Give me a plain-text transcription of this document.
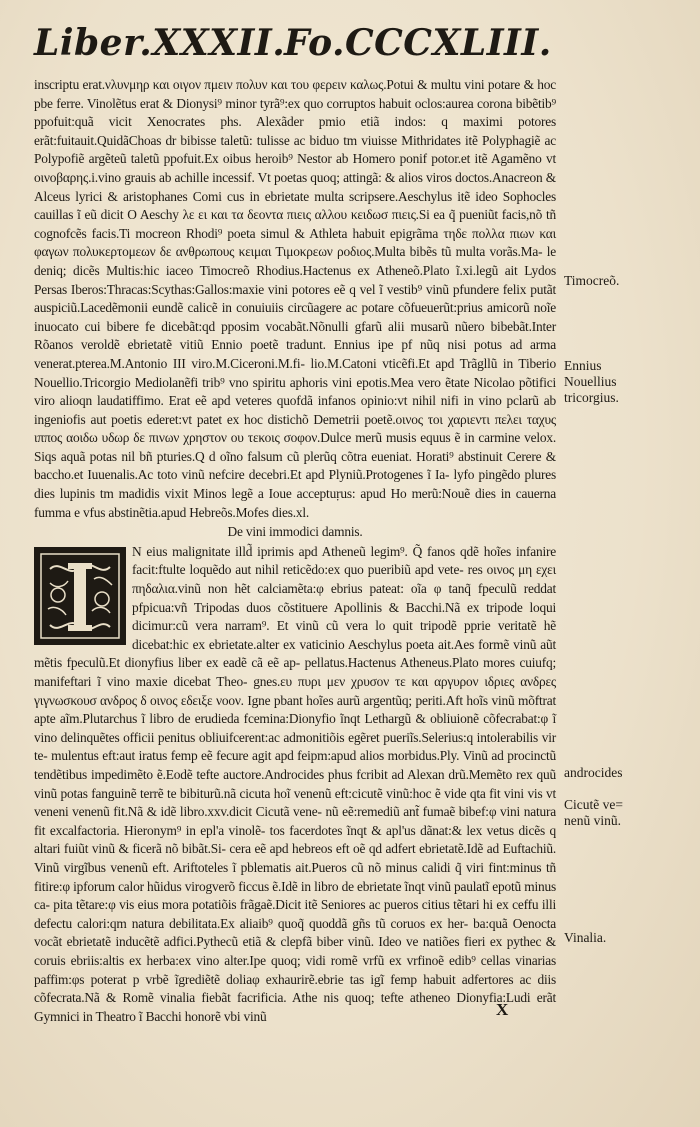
Liber.XXXII.
Fo.CCCXLIII.

inscriptu erat.νλυνμηρ και οιγον πμειν πολυν και του φερειν καλως.Potui & multu vini potare & hoc pbe ferre. Vinolẽtus erat & Dionysi⁹ minor tyrã⁹:ex quo corruptos habuit oclos:aurea corona bibẽtib⁹ ppofuit:quã vicit Xenocrates phs. Alexãder pmio etiã indos: q maximi potores erãt:fuitauit.QuidãChoas dr bibisse taletũ: tulisse ac biduo tm viuisse Mithridates itẽ Polyphagiẽ ac Polypofiẽ argẽteũ taletũ ppofuit.Ex oibus heroib⁹ Nestor ab Homero ponif potor.et itẽ Agamẽno vt οινοβαρης.i.vino grauis ab achille incessif. Vt poetas quoq; attingã: & alios viros doctos.Anacreon & Alceus lyrici & aristophanes Comi cus in ebrietate multa scripsere.Aeschylus itẽ ideo Sophocles cauillas ĩ eũ dicit O Aeschy λε ει και τα δεοντα πιεις αλλου κειδωσ πιεις.Si ea q̃ pueniũt facis,nõ tñ cognofcẽs facis.Ti mocreon Rhodi⁹ poeta simul & Athleta habuit epigrãma τηδε πολλα πιων και φαγων πολυκερτομεων δε ανθρωπους κειμαι Τιμοκρεων ροδιος.Multa bibẽs tũ multa vorãs.Ma- le deniq; dicẽs Multis:hic iaceo Timocreõ Rhodius.Hactenus ex Atheneõ.Plato ĩ.xi.legũ ait Lydos Persas Iberos:Thracas:Scythas:Gallos:maxie vini potores eẽ q vel ĩ vestib⁹ vinũ pfundere felix putãt auspiciũ.Lacedẽmonii eundẽ calicẽ in conuiuiis circũagere ac potare cõfueuerũt:prius amicorũ noĩe inuocato cui bibere fe dicebãt:qd pposim vocabãt.Nõnulli gfarũ alii musarũ nũero bibebãt.Inter Rõanos veroldẽ ebrietatẽ vitiũ Ennio poetẽ tradunt. Ennius ipe pf nũq nisi potus ad arma venerat.pterea.M.Antonio III viro.M.Ciceroni.M.fi- lio.M.Catoni vticẽfi.Et apd Trãgllũ in Tiberio Nouellio.Tricorgio Mediolanẽfi trib⁹ vno spiritu aphoris vini epotis.Mea vero ẽtate Nicolao põtifici viro alioqn laudatiffimo. Erat eẽ apd veteres quofdã infanos opinio:vt nihil nifi in vino pclarũ ab ingeniofis aut poetis ederet:vt patet ex hoc distichõ Demetrii poetẽ.οινος τοι χαριεντι πελει ταχυς ιππος αοιδω υδωρ δε πινων χρηστον ου τεκοις σοφον.Dulce merũ musis equus ẽ in carmine velox. Siqs aquã potas nil bñ pturies.Q d oĩno falsum cũ plerũq cõtra eueniat. Horati⁹ abstinuit Cerere & baccho.et Iuuenalis.Ac toto vinũ nefcire decebri.Et apd Plyniũ.Protogenes ĩ Ia- lyfo pingẽdo plures dies lupinis tm madidis vixit Minos legẽ a Ioue acceptuṛus: apud Ho merũ:Nouẽ dies in cauerna fumma e vfus abstinẽtia.apud Hebreõs.Mofes dies.xl.

De vini immodici damnis.

N eius malignitate illd̃ iprimis apd Atheneũ legim⁹. Q̃ fanos qdẽ hoĩes infanire facit:ftulte loquẽdo aut nihil reticẽdo:ex quo pueribiũ apd vete- res οινος μη εχει πηδαλια.vinũ non hẽt calciamẽta:φ ebrius pateat: oĩa φ tanq̃ fpeculũ reddat pfpicua:vñ Tripodas duos cõstituere Apollinis & Bacchi.Nã ex tripode loqui dicimur:cũ vera narram⁹. Et vinũ cũ vera lo quit tripodẽ pprie veritatẽ hẽ dicebat:hic ex ebrietate.alter ex vaticinio Aeschylus poeta ait.Aes formẽ vinũ aũt mẽtis fpeculũ.Et dionyfius liber ex eadẽ cã eẽ ap- pellatus.Hactenus Atheneus.Plato mores cuiufq; manifeftari ĩ vino maxie dicebat Theo- gnes.ευ πυρι μεν χρυσον τε και αργυρον ιδριες ανδρες γιγνωσκουσ ανδρος δ οινος εδειξε νοον. Igne pbant hoĩes aurũ argentũq; periti.Aft hoĩs vinũ mõftrat apte aĩm.Plutarchus ĩ libro de erudieda fcemina:Dionyfio ĩnqt Lethargũ & obliuionẽ cõfecrabat:φ ĩ vino delinquẽtes officii penitus obliuifcerent:ac admonitiõis egẽret pueriĩs.Selerius:q intolerabilis vir te- mulentus eft:aut iratus femp eẽ fecure agit apd feipm:apud alios morbidus.Ply. Vinũ ad procinctũ tendẽtibus impedimẽto ẽ.Eodẽ tefte auctore.Androcides phus fcribit ad Alexan drũ.Memẽto rex quũ vinũ potas fanguinẽ terrẽ te bibiturũ.nã cicuta hoĩ venenũ eft:cicutẽ vinũ:hoc ẽ vide qta fit vini vis vt veneni venenũ fit.Nã & idẽ libro.xxv.dicit Cicutã vene- nũ eẽ:remediũ ant̃ fumaẽ bibef:φ vini natura fit excalfactoria. Hieronym⁹ in epl'a vinolẽ- tos facerdotes ĩnqt & apl'us dãnat:& lex vetus dicẽs q altari fuiũt vinũ & ficerã nõ bibãt.Si- cera eẽ apd hebreos eft oẽ qd adfert ebrietatẽ.Idẽ ad Euftachiũ. Vinũ virgĩbus venenũ eft. Ariftoteles ĩ pblematis ait.Pueros cũ nõ minus calidi q̃ viri fint:minus tñ fitire:φ ipforum calor hũidus virogverõ ficcus ẽ.Idẽ in libro de ebrietate ĩnqt vinũ paulatĩ epotũ minus ca- pita tẽtare:φ vis eius mora potatiõis frãgaẽ.Dicit itẽ Seniores ac pueros citius tẽtari hi ex ceffu illi defectu calori:qm natura debilitata.Ex aliaib⁹ quoq̃ quoddã gñs tũ coruos ex her- ba:quã Oenocta vocãt ebrietatẽ inducẽtẽ adfici.Pythecũ etiã & clepfã biber vinũ. Ideo ve natiões fieri ex pythec & coruis ebriis:altis ex herba:ex vino alter.Ipe quoq; vidi romẽ vrfũ ex vrfinoẽ edib⁹ cellas vinarias paffim:φs poterat p vrbẽ ĩgrediẽtẽ doliaφ exhaurirẽ.ebrie tas igĩ femp habuit adfertores ac diis cõfecrata.Nã & Romẽ vinalia fiebãt facrificia. Athe nis quoq; tefte atheneo Dionyfia:Ludi erãt Gymnici in Theatro ĩ Bacchi honorẽ vbi vinũ

Timocreõ.
Ennius Nouellius tricorgius.
androcides
Cicutẽ ve= nenũ vinũ.
Vinalia.
X
